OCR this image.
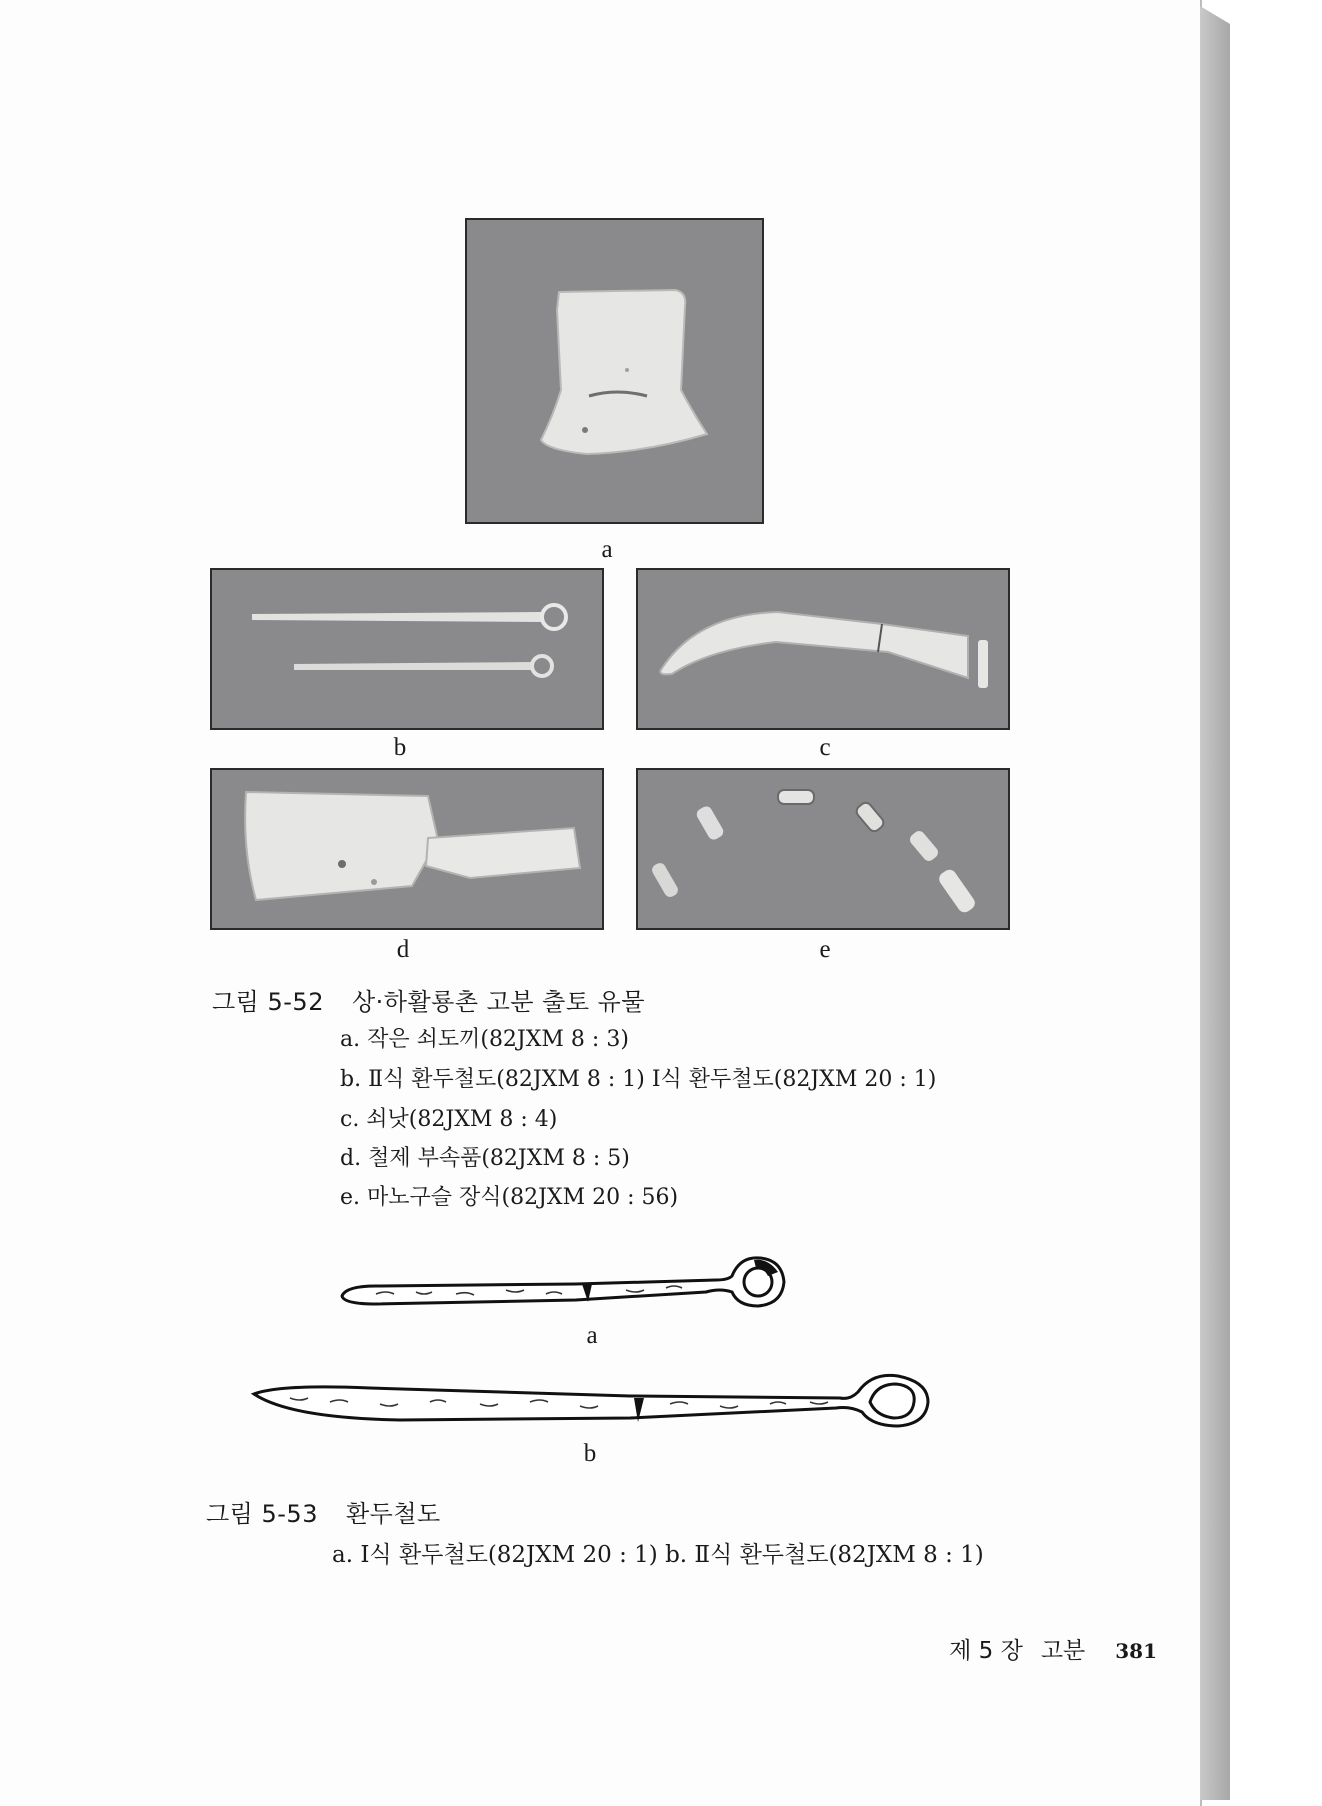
a
b	c
d	e
그림 5-52 상·하활룡촌 고분 출토 유물
a. 작은 쇠도끼(82JXM 8 : 3)
b. Ⅱ식 환두철도(82JXM 8 : 1) Ⅰ식 환두철도(82JXM 20 : 1)
c. 쇠낫(82JXM 8 : 4)
d. 철제 부속품(82JXM 8 : 5)
e. 마노구슬 장식(82JXM 20 : 56)
a
b
그림 5-53 환두철도
a. Ⅰ식 환두철도(82JXM 20 : 1) b. Ⅱ식 환두철도(82JXM 8 : 1)
제 5 장 고분 381
